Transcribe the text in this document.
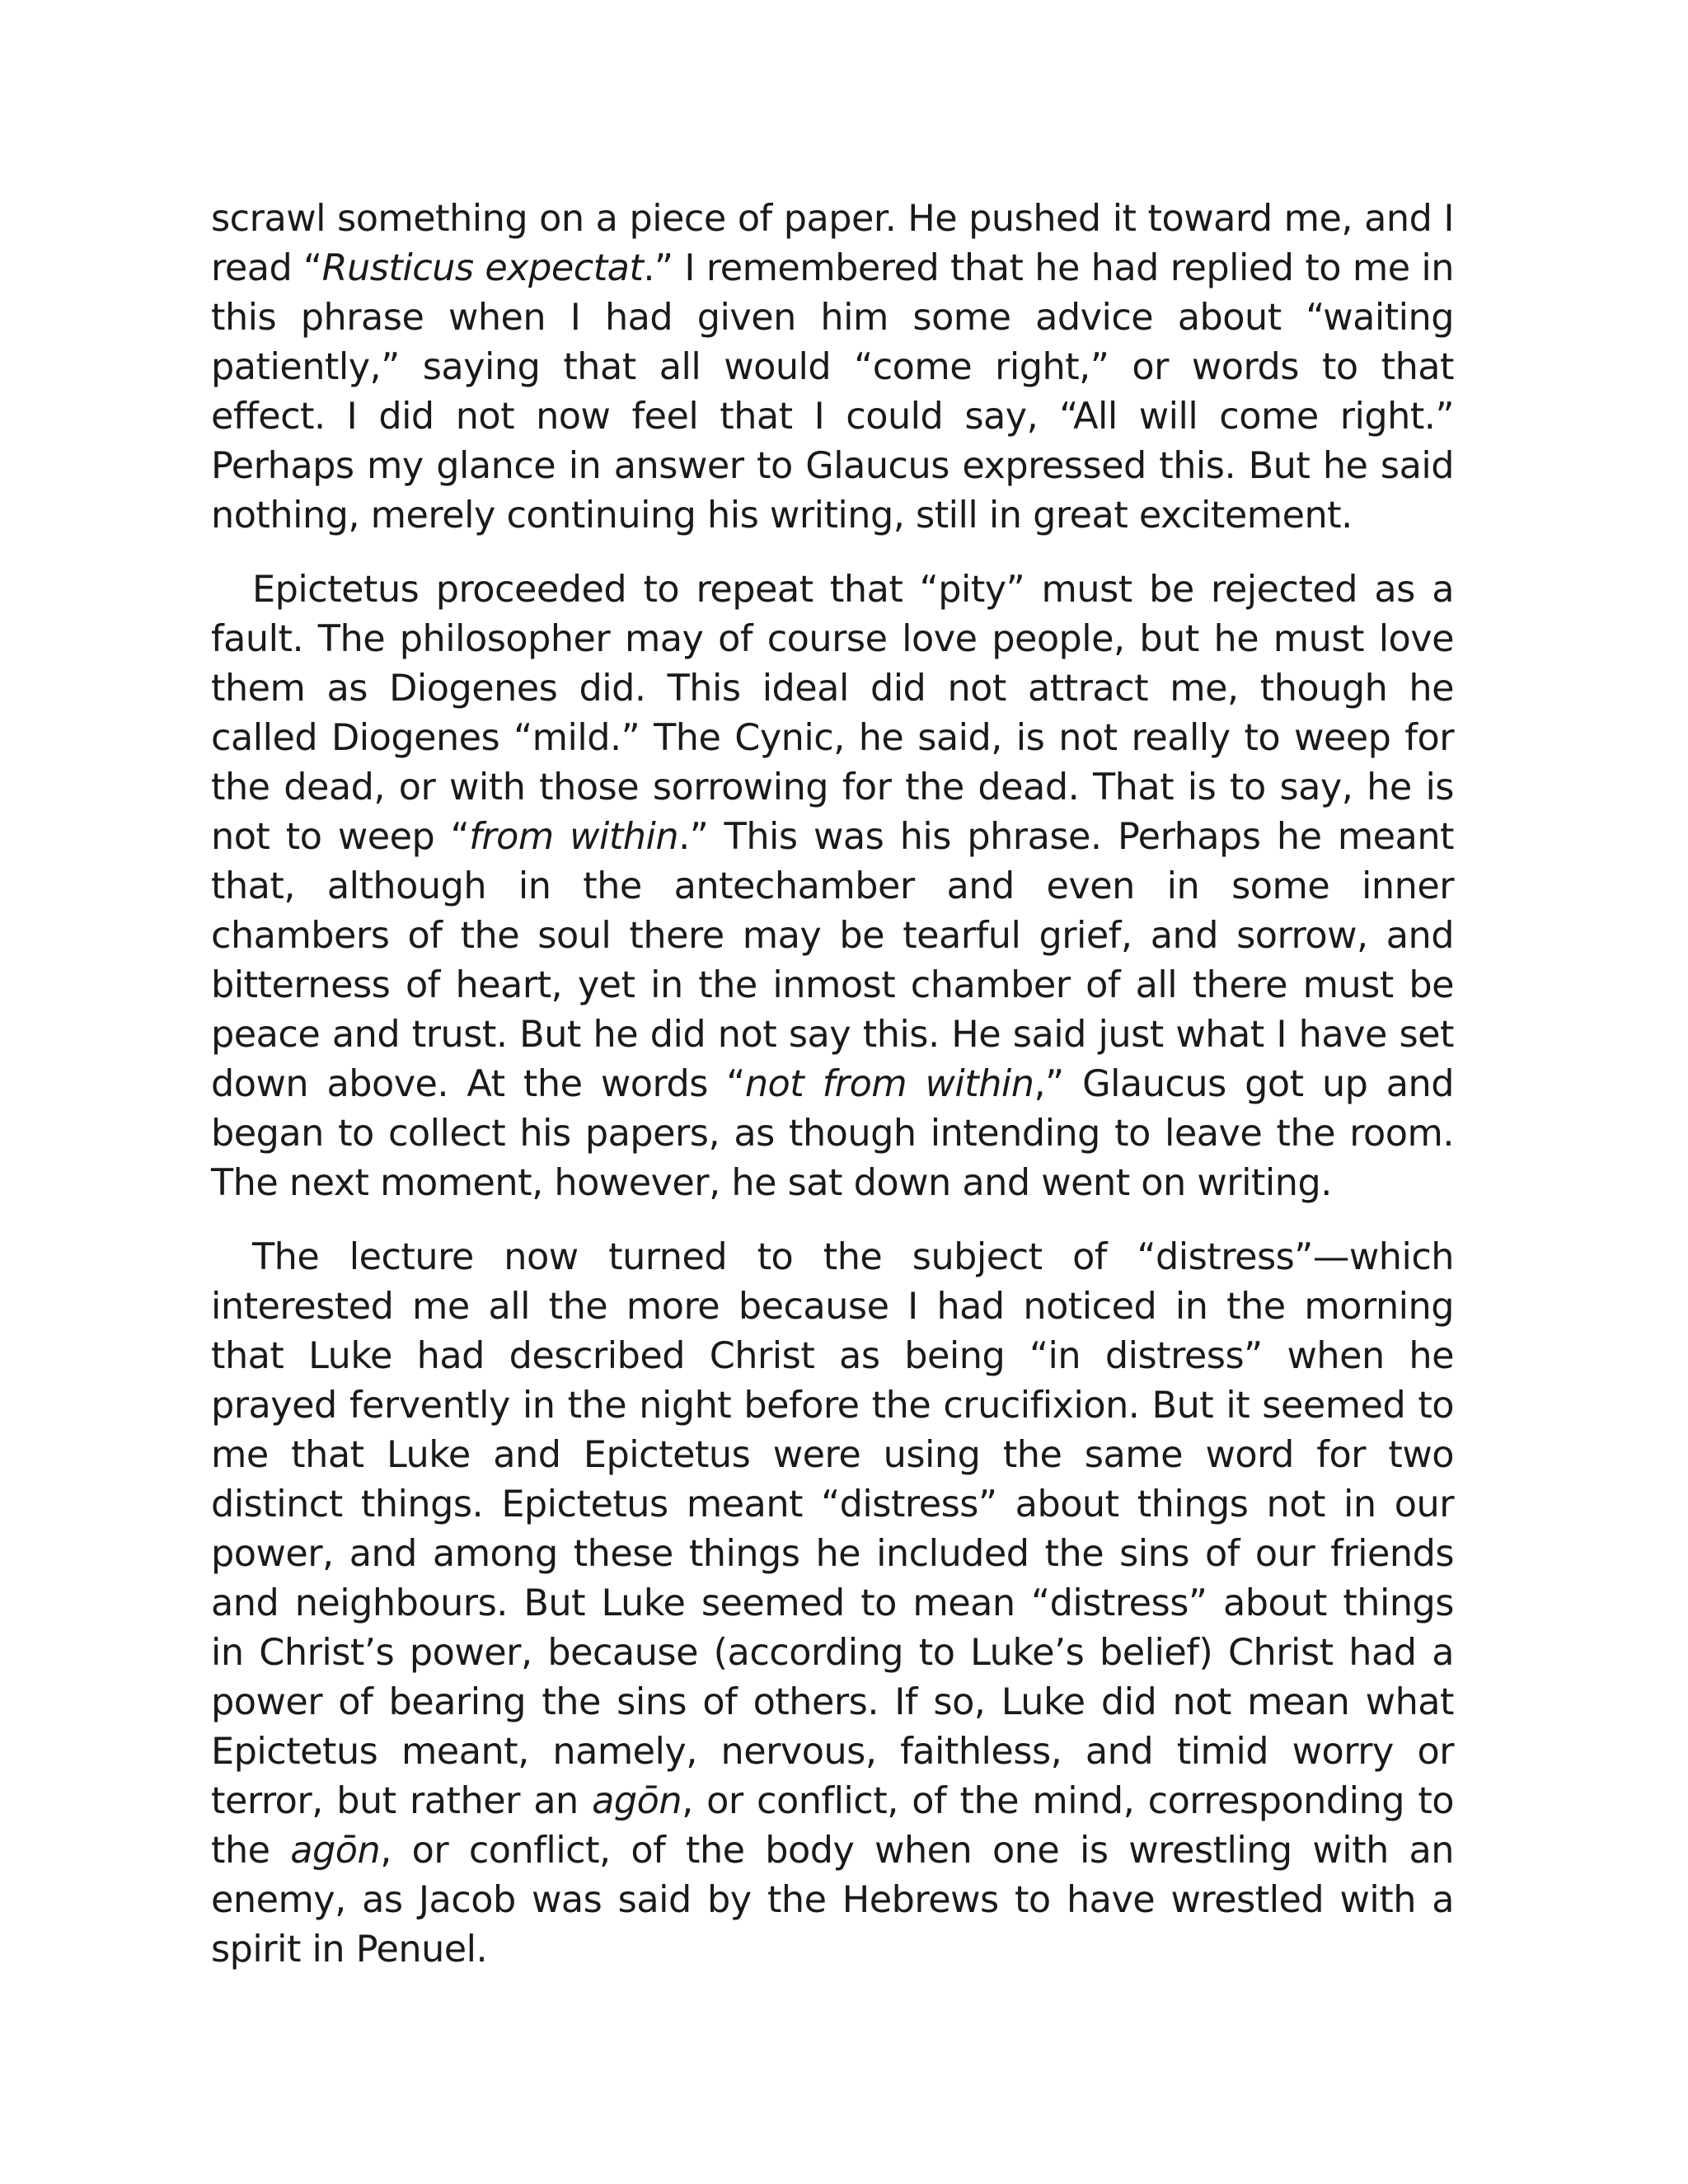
scrawl something on a piece of paper. He pushed it toward me, and I read “Rusticus expectat.” I remembered that he had replied to me in this phrase when I had given him some advice about “waiting patiently,” saying that all would “come right,” or words to that effect. I did not now feel that I could say, “All will come right.” Perhaps my glance in answer to Glaucus expressed this. But he said nothing, merely continuing his writing, still in great excitement.

Epictetus proceeded to repeat that “pity” must be rejected as a fault. The philosopher may of course love people, but he must love them as Diogenes did. This ideal did not attract me, though he called Diogenes “mild.” The Cynic, he said, is not really to weep for the dead, or with those sorrowing for the dead. That is to say, he is not to weep “from within.” This was his phrase. Perhaps he meant that, although in the antechamber and even in some inner chambers of the soul there may be tearful grief, and sorrow, and bitterness of heart, yet in the inmost chamber of all there must be peace and trust. But he did not say this. He said just what I have set down above. At the words “not from within,” Glaucus got up and began to collect his papers, as though intending to leave the room. The next moment, however, he sat down and went on writing.

The lecture now turned to the subject of “distress”—which interested me all the more because I had noticed in the morning that Luke had described Christ as being “in distress” when he prayed fervently in the night before the crucifixion. But it seemed to me that Luke and Epictetus were using the same word for two distinct things. Epictetus meant “distress” about things not in our power, and among these things he included the sins of our friends and neighbours. But Luke seemed to mean “distress” about things in Christ’s power, because (according to Luke’s belief) Christ had a power of bearing the sins of others. If so, Luke did not mean what Epictetus meant, namely, nervous, faithless, and timid worry or terror, but rather an agōn, or conflict, of the mind, corresponding to the agōn, or conflict, of the body when one is wrestling with an enemy, as Jacob was said by the Hebrews to have wrestled with a spirit in Penuel.
